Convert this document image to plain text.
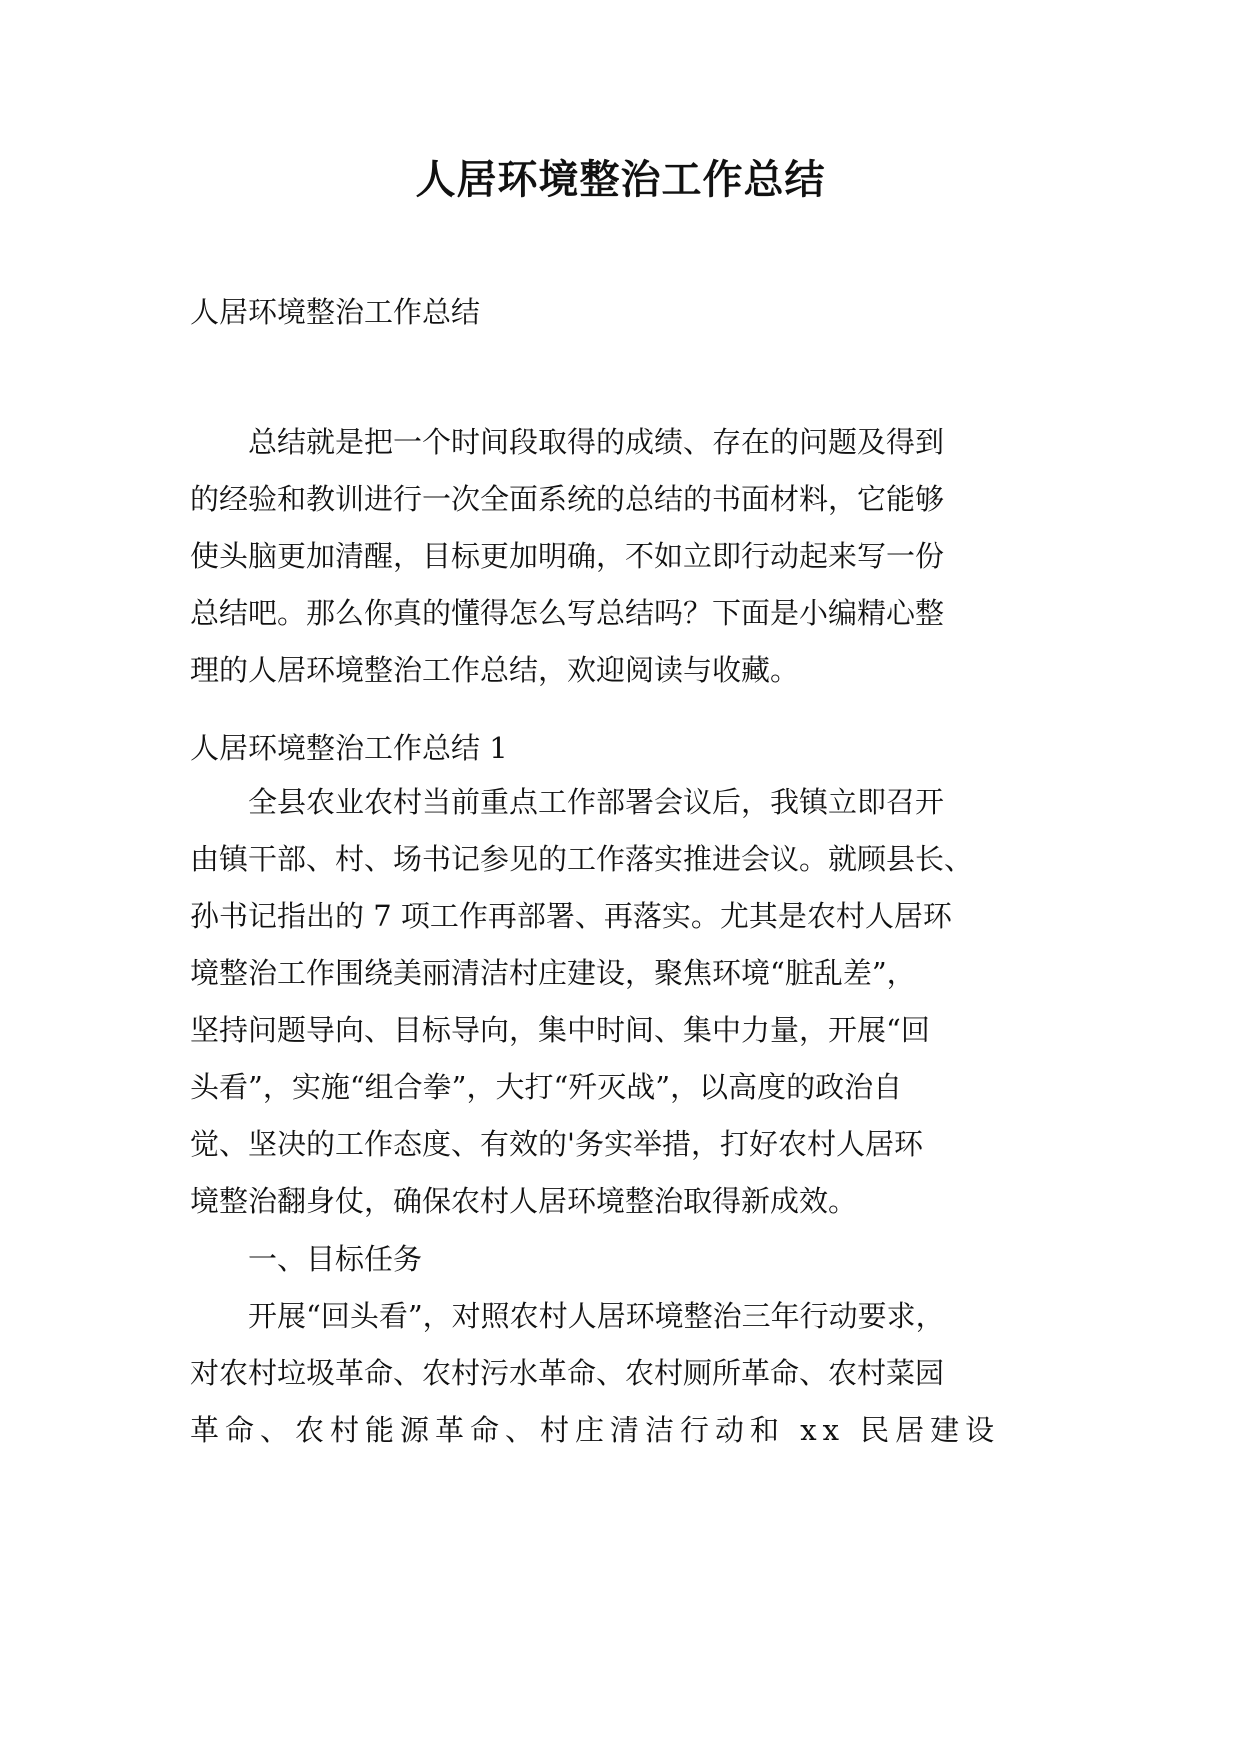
人居环境整治工作总结

人居环境整治工作总结

总结就是把一个时间段取得的成绩、存在的问题及得到
的经验和教训进行一次全面系统的总结的书面材料，它能够
使头脑更加清醒，目标更加明确，不如立即行动起来写一份
总结吧。那么你真的懂得怎么写总结吗？下面是小编精心整
理的人居环境整治工作总结，欢迎阅读与收藏。

人居环境整治工作总结 1

全县农业农村当前重点工作部署会议后，我镇立即召开
由镇干部、村、场书记参见的工作落实推进会议。就顾县长、
孙书记指出的 7 项工作再部署、再落实。尤其是农村人居环
境整治工作围绕美丽清洁村庄建设，聚焦环境“脏乱差”，
坚持问题导向、目标导向，集中时间、集中力量，开展“回
头看”，实施“组合拳”，大打“歼灭战”，以高度的政治自
觉、坚决的工作态度、有效的'务实举措，打好农村人居环
境整治翻身仗，确保农村人居环境整治取得新成效。

一、目标任务

开展“回头看”，对照农村人居环境整治三年行动要求，
对农村垃圾革命、农村污水革命、农村厕所革命、农村菜园
革命、农村能源革命、村庄清洁行动和 xx 民居建设
